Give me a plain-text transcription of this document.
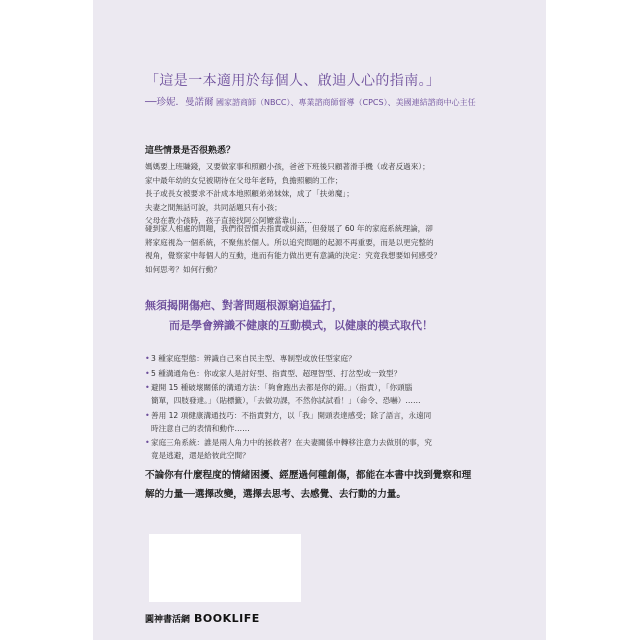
「這是一本適用於每個人、啟迪人心的指南。」
──珍妮．曼諾爾 國家諮商師（NBCC）、專業諮商師督導（CPCS）、美國連結諮商中心主任
這些情景是否很熟悉？
媽媽要上班賺錢，又要做家事和照顧小孩，爸爸下班後只顧著滑手機（或者反過來）；
家中最年幼的女兒被期待在父母年老時，負擔照顧的工作；
長子或長女被要求不計成本地照顧弟弟妹妹，成了「扶弟魔」；
夫妻之間無話可說，共同話題只有小孩；
父母在教小孩時，孩子直接找阿公阿嬤當靠山……
碰到家人相處的問題，我們很習慣去指責或糾錯，但發展了 60 年的家庭系統理論，卻
將家庭視為一個系統，不聚焦於個人。所以追究問題的起源不再重要，而是以更完整的
視角，覺察家中每個人的互動，進而有能力做出更有意識的決定：究竟我想要如何感受？
如何思考？如何行動？
無須揭開傷疤、對著問題根源窮追猛打，
而是學會辨識不健康的互動模式，以健康的模式取代！
• 3 種家庭型態：辨識自己來自民主型、專制型或放任型家庭？
• 5 種溝通角色：你或家人是討好型、指責型、超理智型、打岔型或一致型？
• 避開 15 種破壞關係的溝通方法：「夠會跑出去都是你的錯。」（指責），「你頭腦
簡單，四肢發達。」（貼標籤），「去做功課，不然你試試看！」（命令、恐嚇）……
• 善用 12 項健康溝通技巧：不指責對方，以「我」開頭表達感受；除了語言，永遠同
時注意自己的表情和動作……
• 家庭三角系統：誰是兩人角力中的拯救者？在夫妻關係中轉移注意力去做別的事，究
竟是逃避，還是給彼此空間？
不論你有什麼程度的情緒困擾、經歷過何種創傷，都能在本書中找到覺察和理
解的力量──選擇改變，選擇去思考、去感覺、去行動的力量。
圓神書活網 BOOKLIFE
